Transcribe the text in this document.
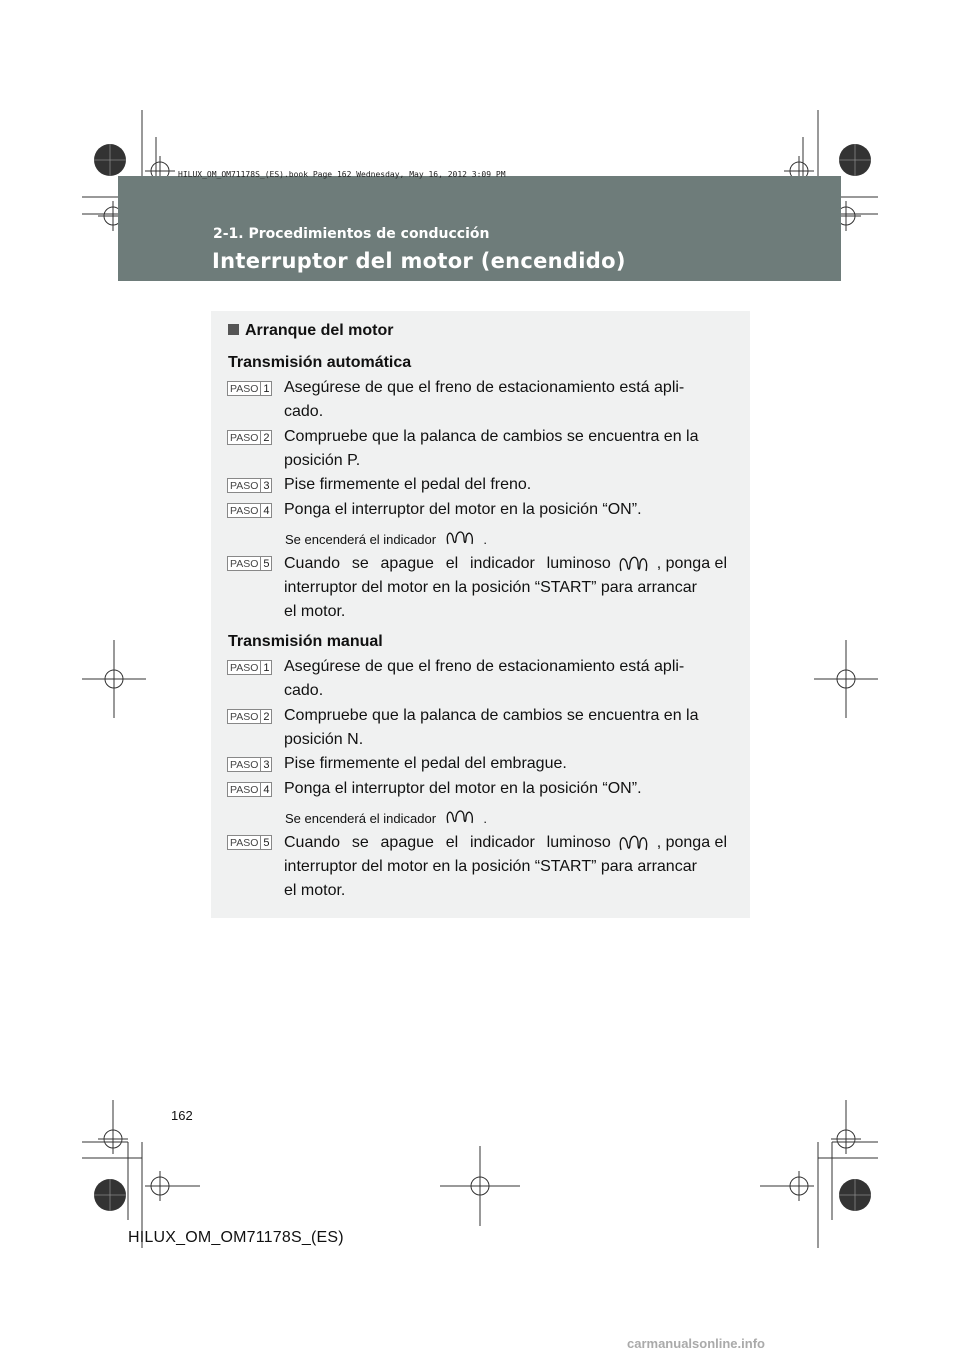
HILUX_OM_OM71178S_(ES).book Page 162 Wednesday, May 16, 2012 3:09 PM
2-1. Procedimientos de conducción
Interruptor del motor (encendido)
Arranque del motor
Transmisión automática
PASO 1 Asegúrese de que el freno de estacionamiento está apli-
cado.
PASO 2 Compruebe que la palanca de cambios se encuentra en la
posición P.
PASO 3 Pise firmemente el pedal del freno.
PASO 4 Ponga el interruptor del motor en la posición “ON”.
Se encenderá el indicador	.
PASO 5 Cuando se apague el indicador luminoso	, ponga el
interruptor del motor en la posición “START” para arrancar
el motor.
Transmisión manual
PASO 1 Asegúrese de que el freno de estacionamiento está apli-
cado.
PASO 2 Compruebe que la palanca de cambios se encuentra en la
posición N.
PASO 3 Pise firmemente el pedal del embrague.
PASO 4 Ponga el interruptor del motor en la posición “ON”.
Se encenderá el indicador	.
PASO 5 Cuando se apague el indicador luminoso	, ponga el
interruptor del motor en la posición “START” para arrancar
el motor.
162
HILUX_OM_OM71178S_(ES)
carmanualsonline.info
